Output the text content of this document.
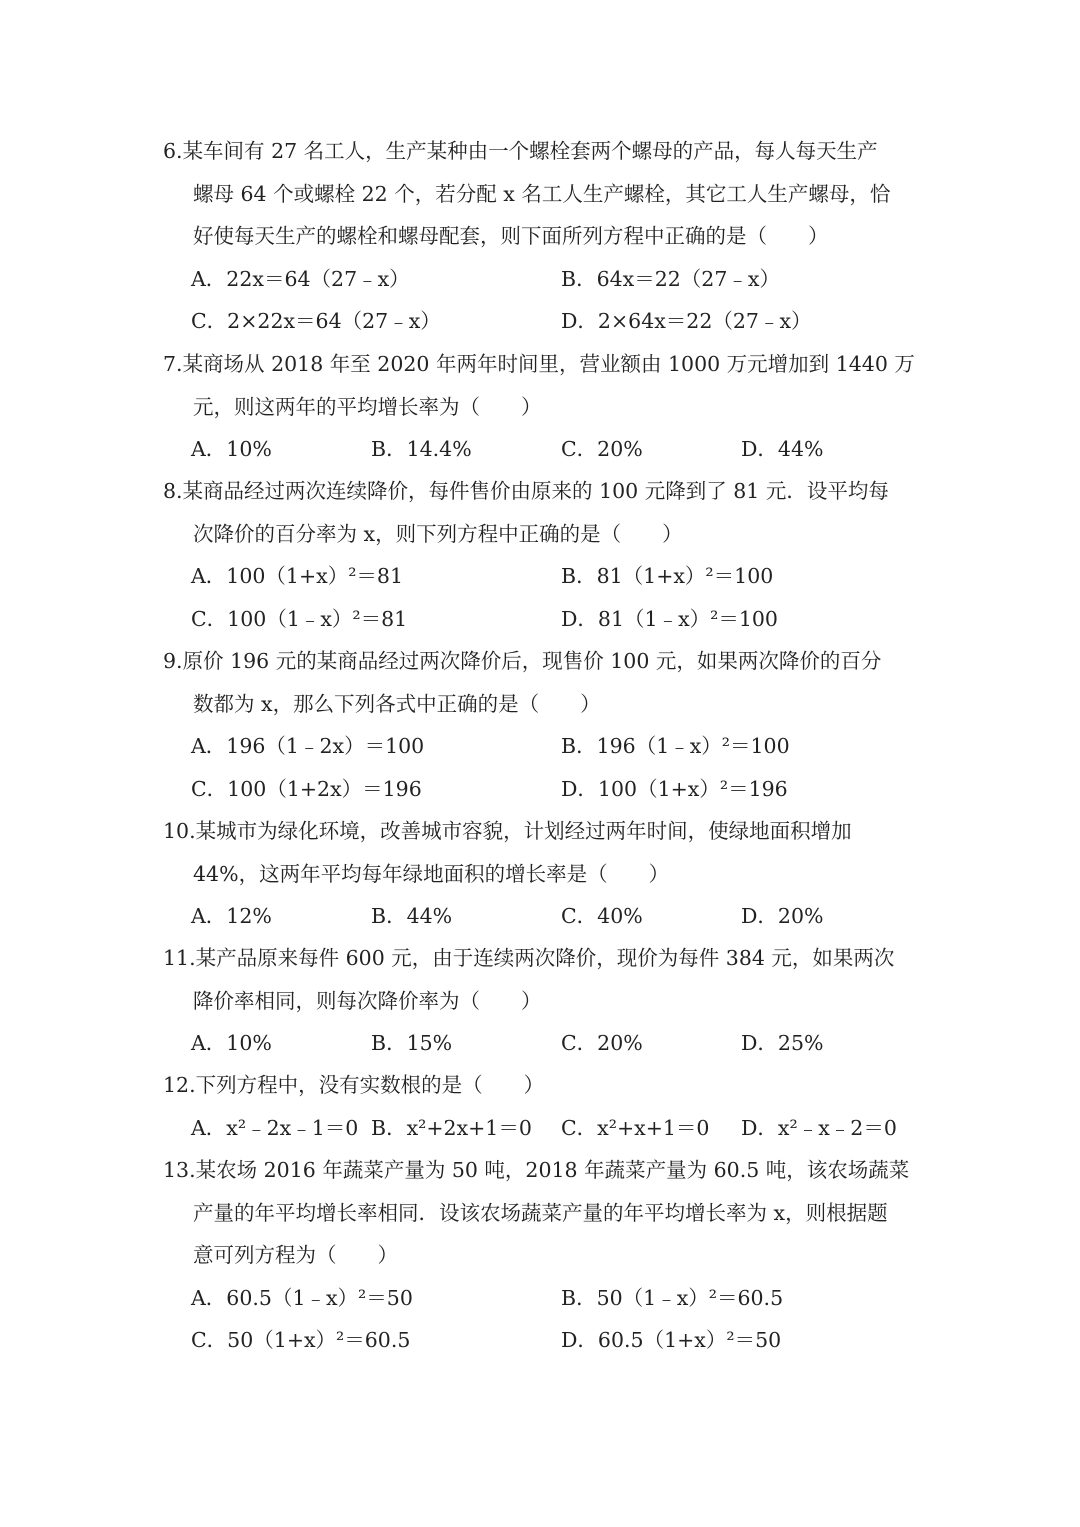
6.某车间有 27 名工人，生产某种由一个螺栓套两个螺母的产品，每人每天生产
螺母 64 个或螺栓 22 个，若分配 x 名工人生产螺栓，其它工人生产螺母，恰
好使每天生产的螺栓和螺母配套，则下面所列方程中正确的是（　　）
A．22x＝64（27﹣x）	B．64x＝22（27﹣x）
C．2×22x＝64（27﹣x）	D．2×64x＝22（27﹣x）
7.某商场从 2018 年至 2020 年两年时间里，营业额由 1000 万元增加到 1440 万
元，则这两年的平均增长率为（　　）
A．10%	B．14.4%	C．20%	D．44%
8.某商品经过两次连续降价，每件售价由原来的 100 元降到了 81 元．设平均每
次降价的百分率为 x，则下列方程中正确的是（　　）
A．100（1+x）²＝81	B．81（1+x）²＝100
C．100（1﹣x）²＝81	D．81（1﹣x）²＝100
9.原价 196 元的某商品经过两次降价后，现售价 100 元，如果两次降价的百分
数都为 x，那么下列各式中正确的是（　　）
A．196（1﹣2x）＝100	B．196（1﹣x）²＝100
C．100（1+2x）＝196	D．100（1+x）²＝196
10.某城市为绿化环境，改善城市容貌，计划经过两年时间，使绿地面积增加
44%，这两年平均每年绿地面积的增长率是（　　）
A．12%	B．44%	C．40%	D．20%
11.某产品原来每件 600 元，由于连续两次降价，现价为每件 384 元，如果两次
降价率相同，则每次降价率为（　　）
A．10%	B．15%	C．20%	D．25%
12.下列方程中，没有实数根的是（　　）
A．x²﹣2x﹣1＝0 B．x²+2x+1＝0 C．x²+x+1＝0 D．x²﹣x﹣2＝0
13.某农场 2016 年蔬菜产量为 50 吨，2018 年蔬菜产量为 60.5 吨，该农场蔬菜
产量的年平均增长率相同．设该农场蔬菜产量的年平均增长率为 x，则根据题
意可列方程为（　　）
A．60.5（1﹣x）²＝50	B．50（1﹣x）²＝60.5
C．50（1+x）²＝60.5	D．60.5（1+x）²＝50
